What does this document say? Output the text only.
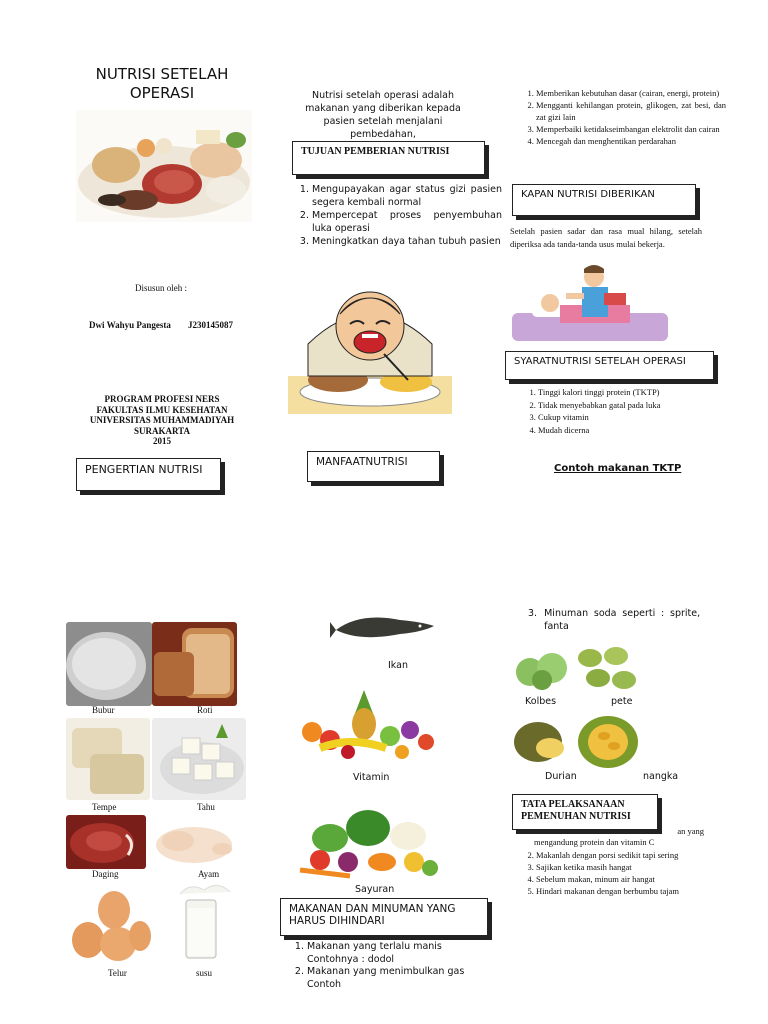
NUTRISI SETELAH OPERASI
Disusun oleh :
Dwi Wahyu Pangesta J230145087
PROGRAM PROFESI NERS
FAKULTAS ILMU KESEHATAN
UNIVERSITAS MUHAMMADIYAH
SURAKARTA
2015
PENGERTIAN NUTRISI
Nutrisi setelah operasi adalah makanan yang diberikan kepada pasien setelah menjalani pembedahan,
TUJUAN PEMBERIAN NUTRISI
1. Mengupayakan agar status gizi pasien segera kembali normal
2. Mempercepat proses penyembuhan luka operasi
3. Meningkatkan daya tahan tubuh pasien
MANFAATNUTRISI
1. Memberikan kebutuhan dasar (cairan, energi, protein)
2. Mengganti kehilangan protein, glikogen, zat besi, dan zat gizi lain
3. Memperbaiki ketidakseimbangan elektrolit dan cairan
4. Mencegah dan menghentikan perdarahan
KAPAN NUTRISI DIBERIKAN
Setelah pasien sadar dan rasa mual hilang, setelah diperiksa ada tanda-tanda usus mulai bekerja.
SYARATNUTRISI SETELAH OPERASI
1. Tinggi kalori tinggi protein (TKTP)
2. Tidak menyebabkan gatal pada luka
3. Cukup vitamin
4. Mudah dicerna
Contoh makanan TKTP
Bubur	Roti
Tempe	Tahu
Daging	Ayam
Telur	susu
Ikan
Vitamin
Sayuran
MAKANAN DAN MINUMAN YANG HARUS DIHINDARI
1. Makanan yang terlalu manis
Contohnya : dodol
2. Makanan yang menimbulkan gas
Contoh
3. Minuman soda seperti : sprite, fanta
Kolbes	pete
Durian	nangka
an yang
mengandung protein dan vitamin C
TATA PELAKSANAAN PEMENUHAN NUTRISI
2. Makanlah dengan porsi sedikit tapi sering
3. Sajikan ketika masih hangat
4. Sebelum makan, minum air hangat
5. Hindari makanan dengan berbumbu tajam
